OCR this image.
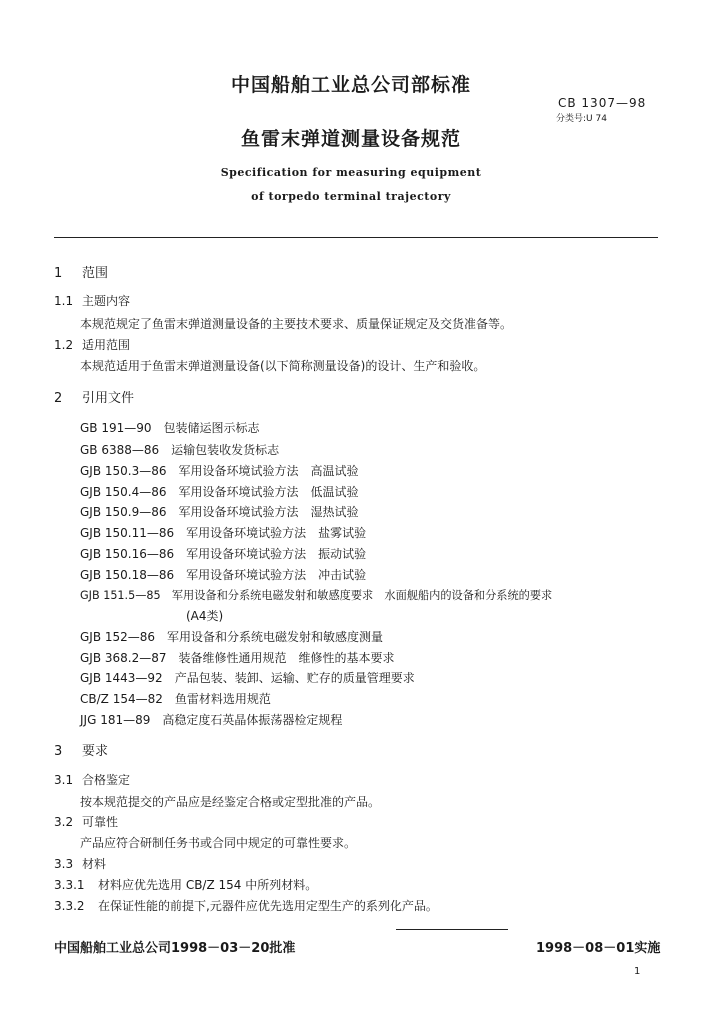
中国船舶工业总公司部标准
CB 1307—98
分类号:U 74
鱼雷末弹道测量设备规范
Specification for measuring equipment
of torpedo terminal trajectory
1 范围
1.1 主题内容
本规范规定了鱼雷末弹道测量设备的主要技术要求、质量保证规定及交货准备等。
1.2 适用范围
本规范适用于鱼雷末弹道测量设备(以下简称测量设备)的设计、生产和验收。
2 引用文件
GB 191—90　包装储运图示标志
GB 6388—86　运输包装收发货标志
GJB 150.3—86　军用设备环境试验方法　高温试验
GJB 150.4—86　军用设备环境试验方法　低温试验
GJB 150.9—86　军用设备环境试验方法　湿热试验
GJB 150.11—86　军用设备环境试验方法　盐雾试验
GJB 150.16—86　军用设备环境试验方法　振动试验
GJB 150.18—86　军用设备环境试验方法　冲击试验
GJB 151.5—85　军用设备和分系统电磁发射和敏感度要求　水面舰船内的设备和分系统的要求
(A4类)
GJB 152—86　军用设备和分系统电磁发射和敏感度测量
GJB 368.2—87　装备维修性通用规范　维修性的基本要求
GJB 1443—92　产品包装、装卸、运输、贮存的质量管理要求
CB/Z 154—82　鱼雷材料选用规范
JJG 181—89　高稳定度石英晶体振荡器检定规程
3 要求
3.1 合格鉴定
按本规范提交的产品应是经鉴定合格或定型批准的产品。
3.2 可靠性
产品应符合研制任务书或合同中规定的可靠性要求。
3.3 材料
3.3.1 材料应优先选用 CB/Z 154 中所列材料。
3.3.2 在保证性能的前提下,元器件应优先选用定型生产的系列化产品。
中国船舶工业总公司1998－03－20批准	1998－08－01实施
1
